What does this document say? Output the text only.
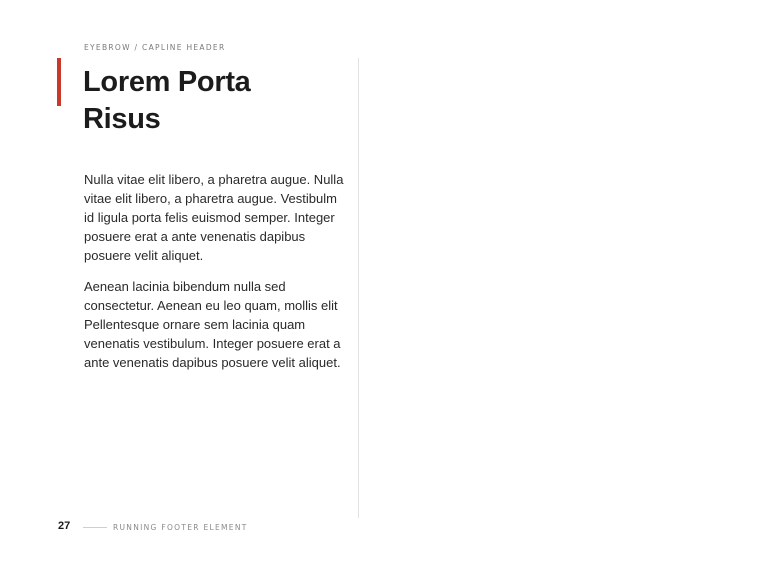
EYEBROW / CAPLINE HEADER
Lorem Porta Risus

Nulla vitae elit libero, a pharetra augue. Nulla vitae elit libero, a pharetra augue. Vestibulm id ligula porta felis euismod semper. Integer posuere erat a ante venenatis dapibus posuere velit aliquet.

Aenean lacinia bibendum nulla sed consectetur. Aenean eu leo quam, mollis elit Pellentesque ornare sem lacinia quam venenatis vestibulum. Integer posuere erat a ante venenatis dapibus posuere velit aliquet.

27	RUNNING FOOTER ELEMENT
